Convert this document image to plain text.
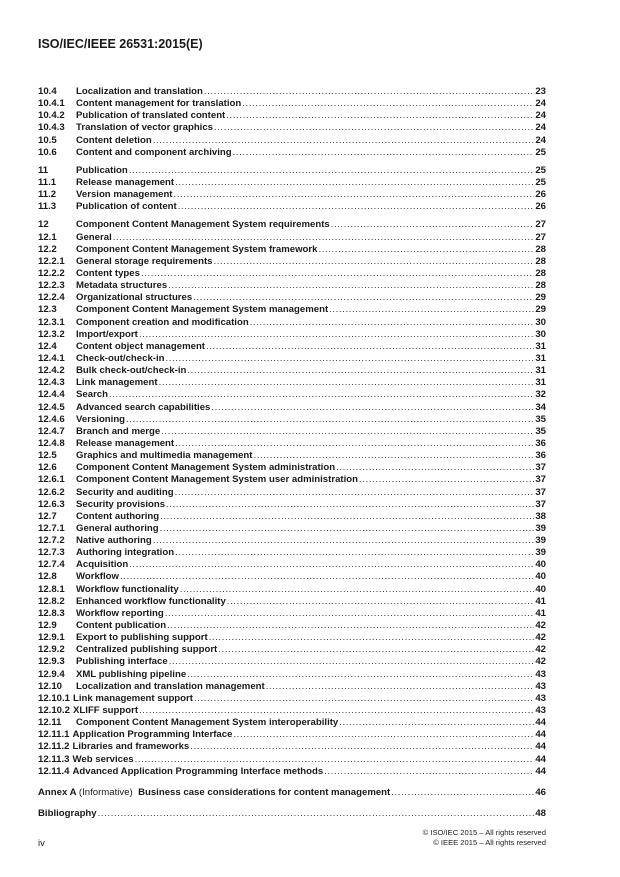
ISO/IEC/IEEE 26531:2015(E)
10.4	Localization and translation .....	23
10.4.1	Content management for translation .....	24
10.4.2	Publication of translated content .....	24
10.4.3	Translation of vector graphics .....	24
10.5	Content deletion .....	24
10.6	Content and component archiving .....	25
11	Publication .....	25
11.1	Release management .....	25
11.2	Version management .....	26
11.3	Publication of content .....	26
12	Component Content Management System requirements .....	27
12.1	General .....	27
12.2	Component Content Management System framework .....	28
12.2.1	General storage requirements .....	28
12.2.2	Content types .....	28
12.2.3	Metadata structures .....	28
12.2.4	Organizational structures .....	29
12.3	Component Content Management System management .....	29
12.3.1	Component creation and modification .....	30
12.3.2	Import/export .....	30
12.4	Content object management .....	31
12.4.1	Check-out/check-in .....	31
12.4.2	Bulk check-out/check-in .....	31
12.4.3	Link management .....	31
12.4.4	Search .....	32
12.4.5	Advanced search capabilities .....	34
12.4.6	Versioning .....	35
12.4.7	Branch and merge .....	35
12.4.8	Release management .....	36
12.5	Graphics and multimedia management .....	36
12.6	Component Content Management System administration .....	37
12.6.1	Component Content Management System user administration .....	37
12.6.2	Security and auditing .....	37
12.6.3	Security provisions .....	37
12.7	Content authoring .....	38
12.7.1	General authoring .....	39
12.7.2	Native authoring .....	39
12.7.3	Authoring integration .....	39
12.7.4	Acquisition .....	40
12.8	Workflow .....	40
12.8.1	Workflow functionality .....	40
12.8.2	Enhanced workflow functionality .....	41
12.8.3	Workflow reporting .....	41
12.9	Content publication .....	42
12.9.1	Export to publishing support .....	42
12.9.2	Centralized publishing support .....	42
12.9.3	Publishing interface .....	42
12.9.4	XML publishing pipeline .....	43
12.10	Localization and translation management .....	43
12.10.1 Link management support .....	43
12.10.2 XLIFF support .....	43
12.11	Component Content Management System interoperability .....	44
12.11.1 Application Programming Interface .....	44
12.11.2 Libraries and frameworks .....	44
12.11.3 Web services .....	44
12.11.4 Advanced Application Programming Interface methods .....	44
Annex A (Informative) Business case considerations for content management .....	46
Bibliography .....	48
iv
© ISO/IEC 2015 – All rights reserved
© IEEE 2015 – All rights reserved
